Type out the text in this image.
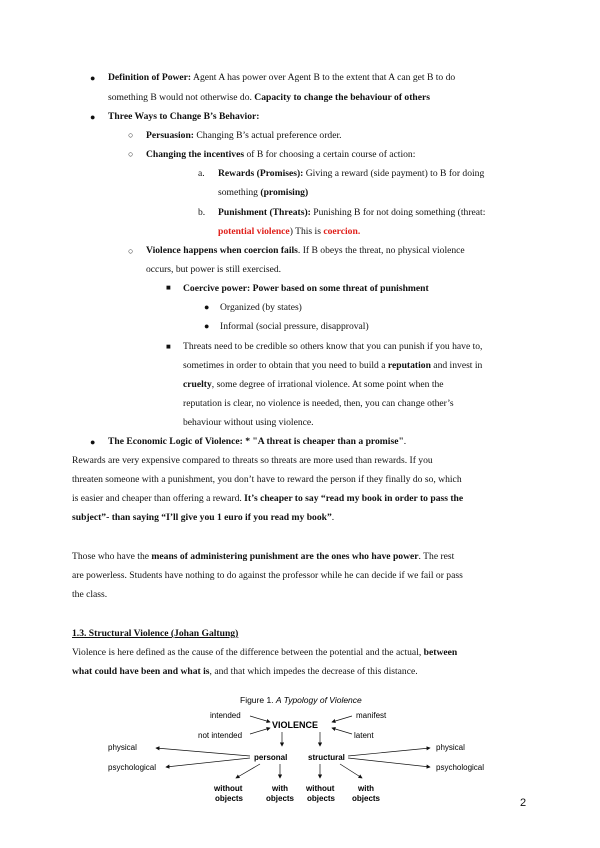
● Definition of Power: Agent A has power over Agent B to the extent that A can get B to do
something B would not otherwise do. Capacity to change the behaviour of others
● Three Ways to Change B’s Behavior:
○ Persuasion: Changing B’s actual preference order.
○ Changing the incentives of B for choosing a certain course of action:
a. Rewards (Promises): Giving a reward (side payment) to B for doing
something (promising)
b. Punishment (Threats): Punishing B for not doing something (threat:
potential violence) This is coercion.
○ Violence happens when coercion fails. If B obeys the threat, no physical violence
occurs, but power is still exercised.
■ Coercive power: Power based on some threat of punishment
● Organized (by states)
● Informal (social pressure, disapproval)
■ Threats need to be credible so others know that you can punish if you have to,
sometimes in order to obtain that you need to build a reputation and invest in
cruelty, some degree of irrational violence. At some point when the
reputation is clear, no violence is needed, then, you can change other’s
behaviour without using violence.
● The Economic Logic of Violence: * "A threat is cheaper than a promise".
Rewards are very expensive compared to threats so threats are more used than rewards. If you
threaten someone with a punishment, you don’t have to reward the person if they finally do so, which
is easier and cheaper than offering a reward. It’s cheaper to say “read my book in order to pass the
subject”- than saying “I’ll give you 1 euro if you read my book”.
Those who have the means of administering punishment are the ones who have power. The rest
are powerless. Students have nothing to do against the professor while he can decide if we fail or pass
the class.
1.3. Structural Violence (Johan Galtung)
Violence is here defined as the cause of the difference between the potential and the actual, between
what could have been and what is, and that which impedes the decrease of this distance.
Figure 1. A Typology of Violence
VIOLENCE
intended
not intended
manifest
latent
personal	structural
physical
psychological
physical
psychological
without
objects
with
objects
without
objects
with
objects	2
